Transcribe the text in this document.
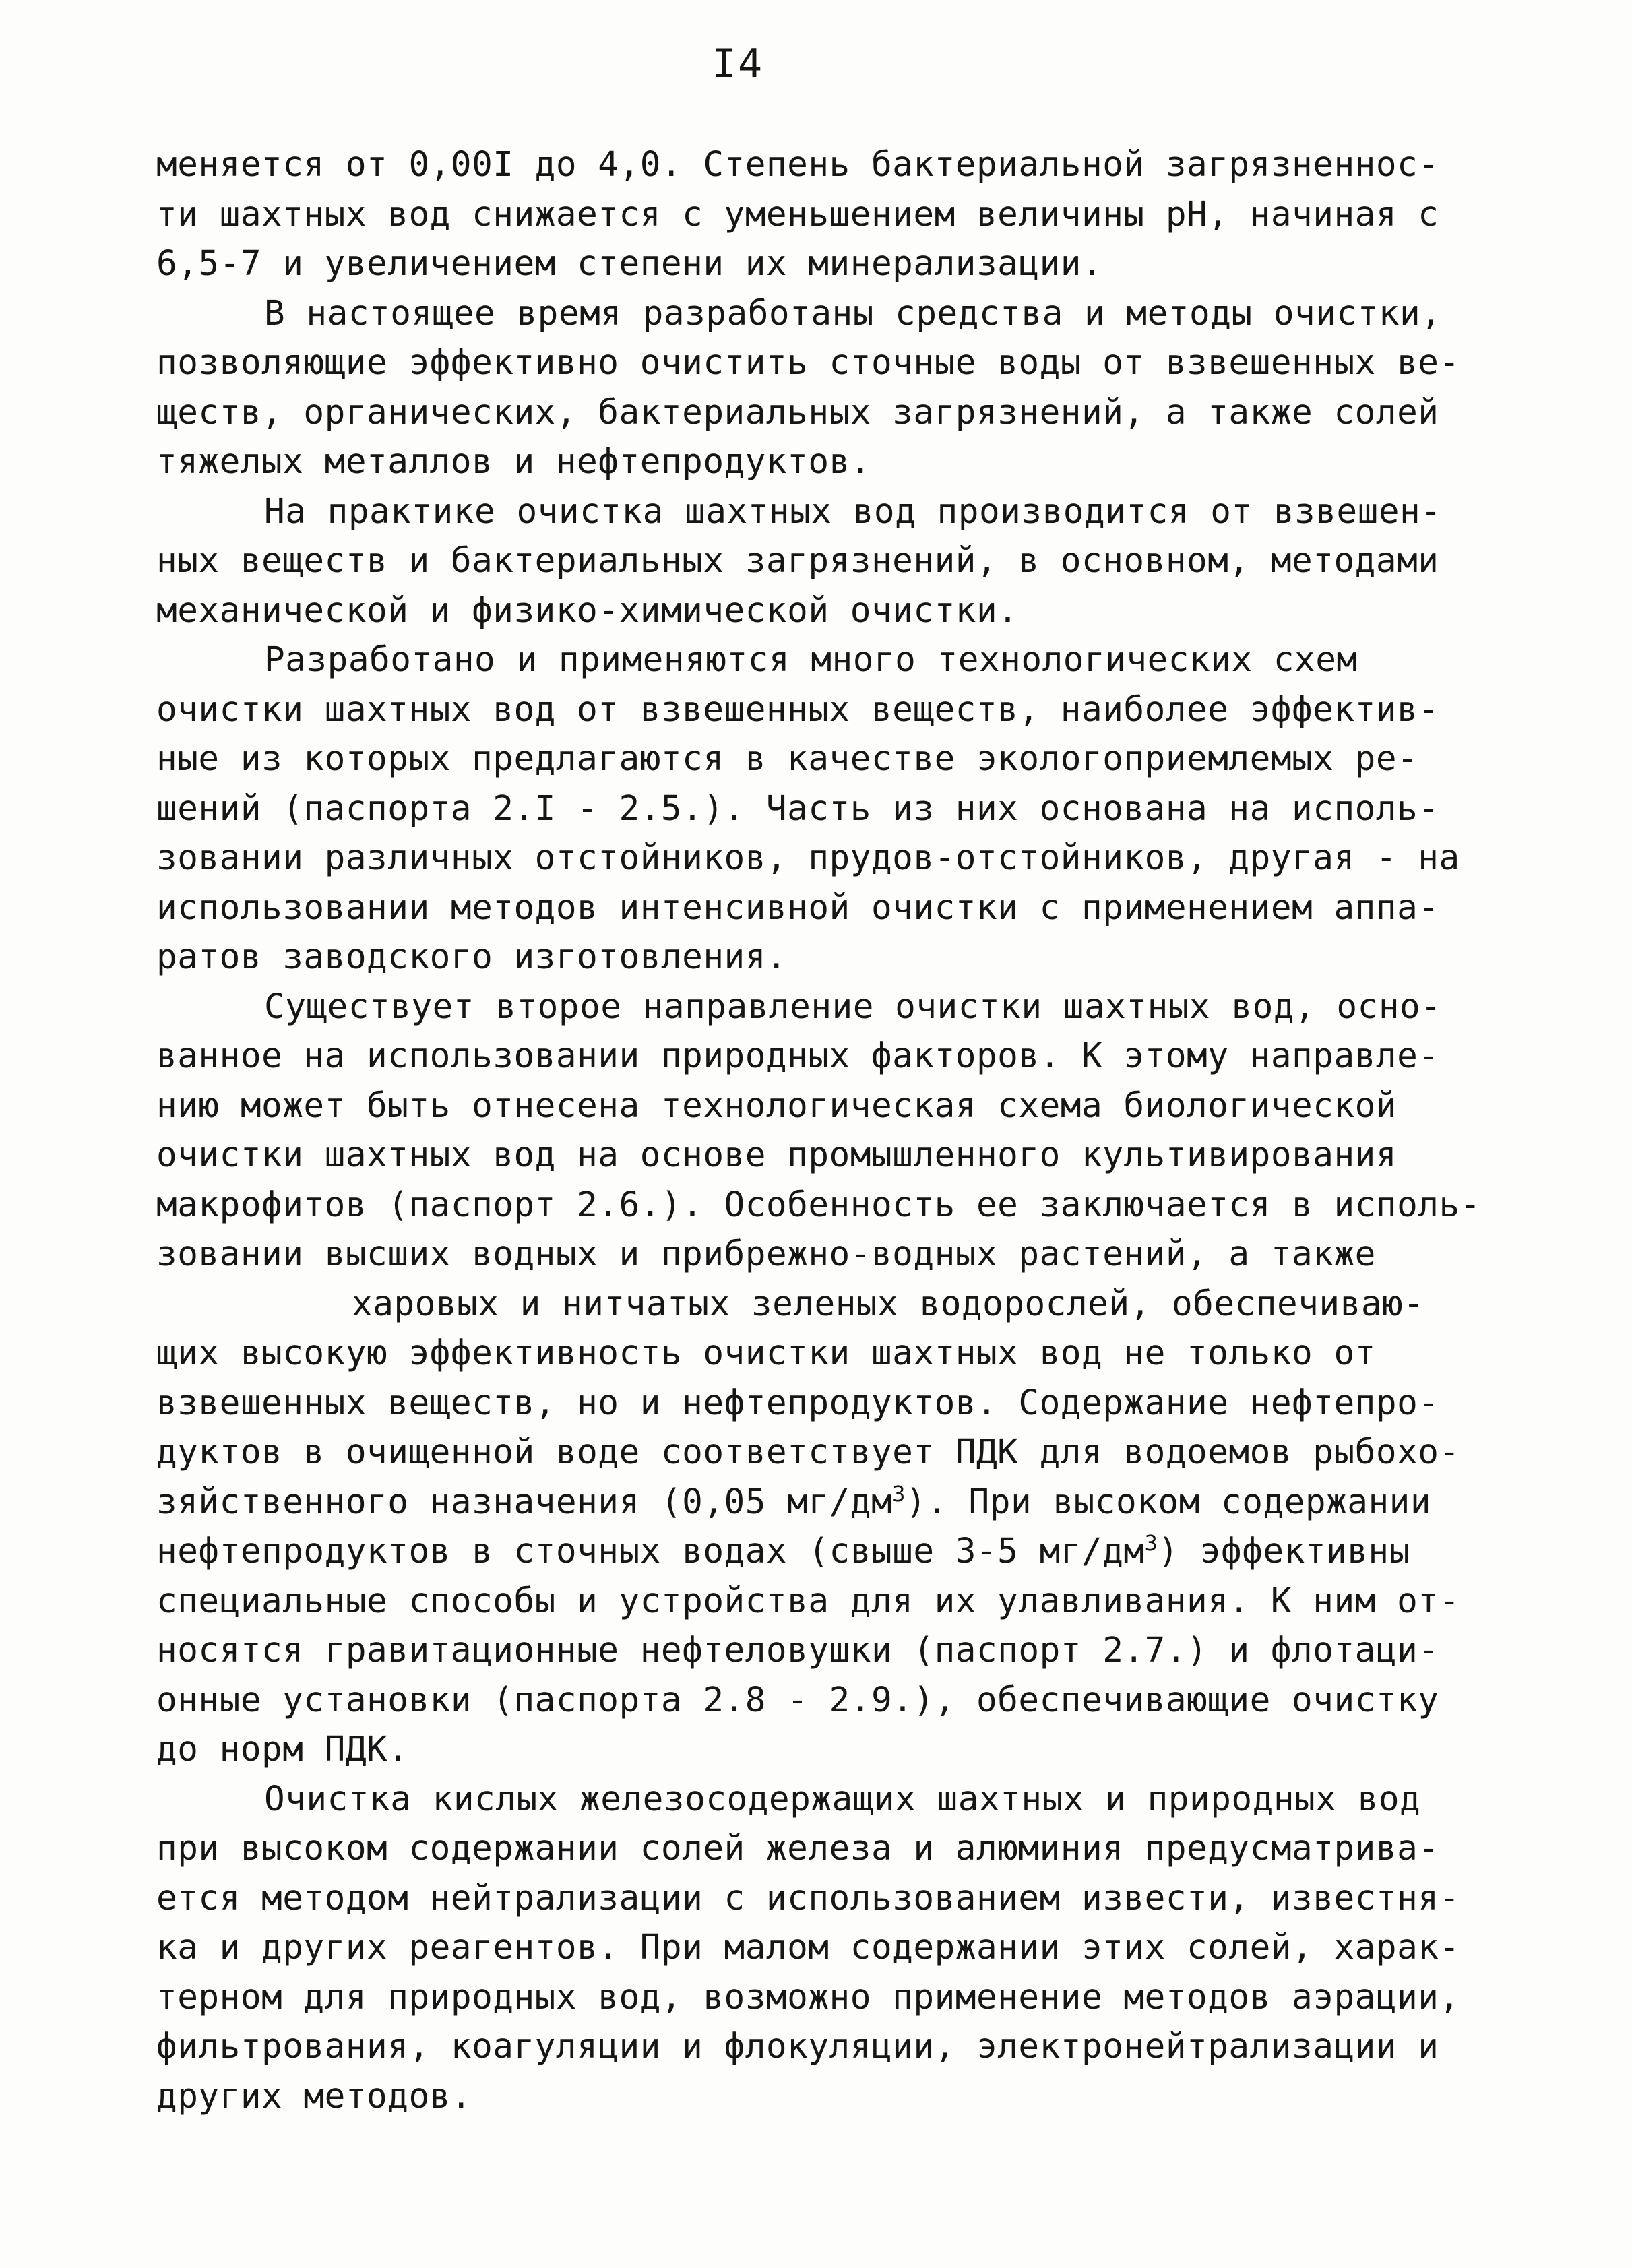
I4
меняется от 0,00I до 4,0. Степень бактериальной загрязненнос-
ти шахтных вод снижается с уменьшением величины pH, начиная с
6,5-7 и увеличением степени их минерализации.
В настоящее время разработаны средства и методы очистки,
позволяющие эффективно очистить сточные воды от взвешенных ве-
ществ, органических, бактериальных загрязнений, а также солей
тяжелых металлов и нефтепродуктов.
На практике очистка шахтных вод производится от взвешен-
ных веществ и бактериальных загрязнений, в основном, методами
механической и физико-химической очистки.
Разработано и применяются много технологических схем
очистки шахтных вод от взвешенных веществ, наиболее эффектив-
ные из которых предлагаются в качестве экологоприемлемых ре-
шений (паспорта 2.I - 2.5.). Часть из них основана на исполь-
зовании различных отстойников, прудов-отстойников, другая - на
использовании методов интенсивной очистки с применением аппа-
ратов заводского изготовления.
Существует второе направление очистки шахтных вод, осно-
ванное на использовании природных факторов. К этому направле-
нию может быть отнесена технологическая схема биологической
очистки шахтных вод на основе промышленного культивирования
макрофитов (паспорт 2.6.). Особенность ее заключается в исполь-
зовании высших водных и прибрежно-водных растений, а также
харовых и нитчатых зеленых водорослей, обеспечиваю-
щих высокую эффективность очистки шахтных вод не только от
взвешенных веществ, но и нефтепродуктов. Содержание нефтепро-
дуктов в очищенной воде соответствует ПДК для водоемов рыбохо-
зяйственного назначения (0,05 $мг/дм^3$). При высоком содержании
нефтепродуктов в сточных водах (свыше 3-5 $мг/дм^3$) эффективны
специальные способы и устройства для их улавливания. К ним от-
носятся гравитационные нефтеловушки (паспорт 2.7.) и флотаци-
онные установки (паспорта 2.8 - 2.9.), обеспечивающие очистку
до норм ПДК.
Очистка кислых железосодержащих шахтных и природных вод
при высоком содержании солей железа и алюминия предусматрива-
ется методом нейтрализации с использованием извести, известня-
ка и других реагентов. При малом содержании этих солей, харак-
терном для природных вод, возможно применение методов аэрации,
фильтрования, коагуляции и флокуляции, электронейтрализации и
других методов.
